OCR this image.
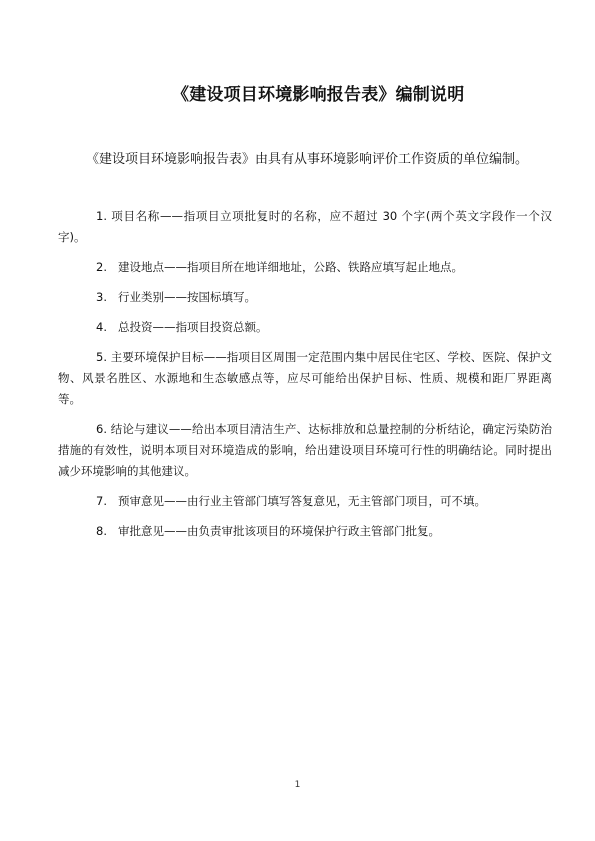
《建设项目环境影响报告表》编制说明
《建设项目环境影响报告表》由具有从事环境影响评价工作资质的单位编制。
1. 项目名称——指项目立项批复时的名称，应不超过 30 个字(两个英文字段作一个汉字)。
2. 建设地点——指项目所在地详细地址，公路、铁路应填写起止地点。
3. 行业类别——按国标填写。
4. 总投资——指项目投资总额。
5. 主要环境保护目标——指项目区周围一定范围内集中居民住宅区、学校、医院、保护文物、风景名胜区、水源地和生态敏感点等，应尽可能给出保护目标、性质、规模和距厂界距离等。
6. 结论与建议——给出本项目清洁生产、达标排放和总量控制的分析结论，确定污染防治措施的有效性，说明本项目对环境造成的影响，给出建设项目环境可行性的明确结论。同时提出减少环境影响的其他建议。
7. 预审意见——由行业主管部门填写答复意见，无主管部门项目，可不填。
8. 审批意见——由负责审批该项目的环境保护行政主管部门批复。
1
